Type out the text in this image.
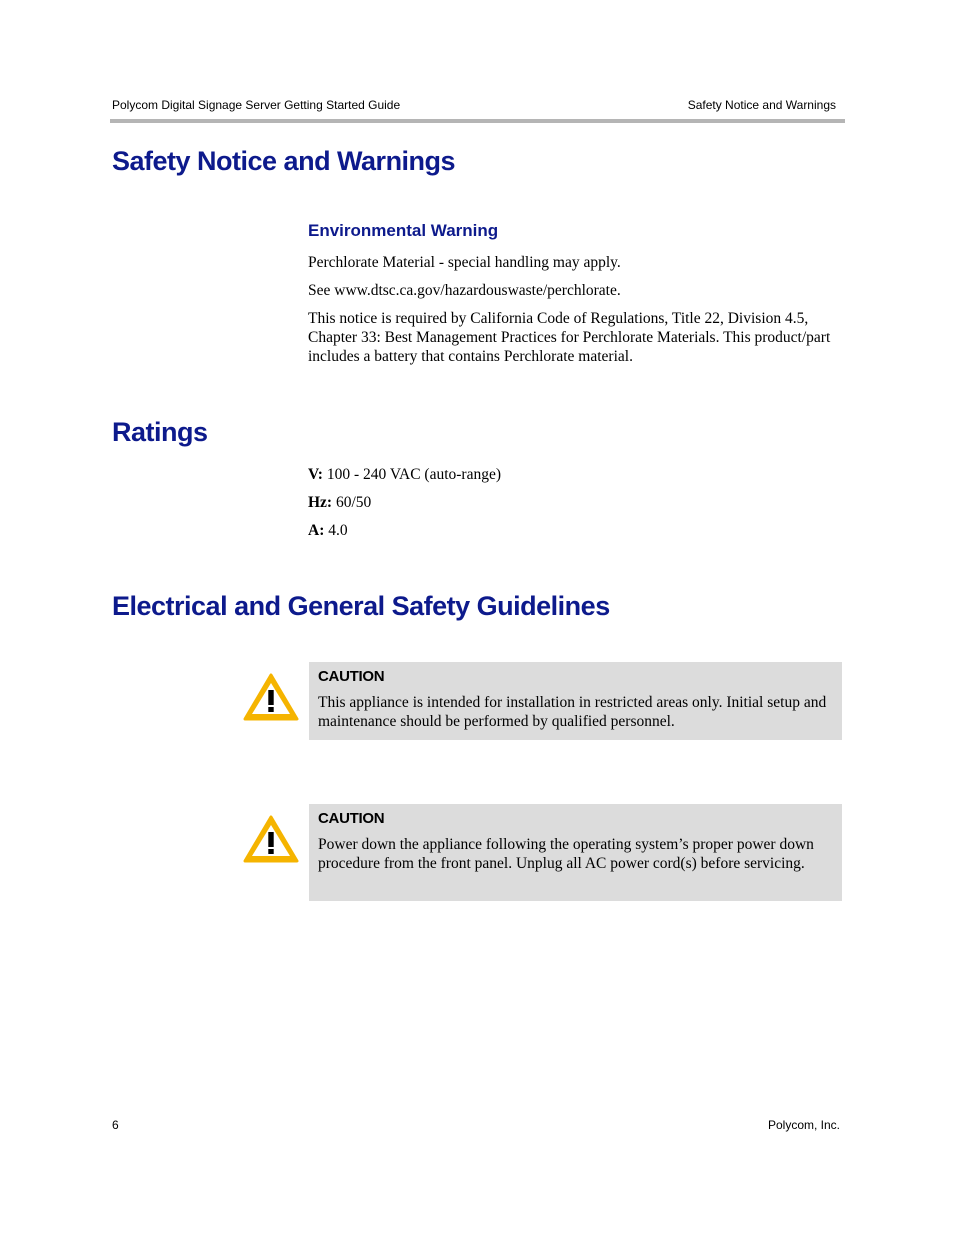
Polycom Digital Signage Server Getting Started Guide	Safety Notice and Warnings
Safety Notice and Warnings
Environmental Warning

Perchlorate Material - special handling may apply.

See www.dtsc.ca.gov/hazardouswaste/perchlorate.

This notice is required by California Code of Regulations, Title 22, Division 4.5, Chapter 33: Best Management Practices for Perchlorate Materials. This product/part includes a battery that contains Perchlorate material.

Ratings

V: 100 - 240 VAC (auto-range)

Hz: 60/50

A: 4.0

Electrical and General Safety Guidelines

CAUTION

This appliance is intended for installation in restricted areas only. Initial setup and maintenance should be performed by qualified personnel.

CAUTION

Power down the appliance following the operating system’s proper power down procedure from the front panel. Unplug all AC power cord(s) before servicing.

6	Polycom, Inc.
